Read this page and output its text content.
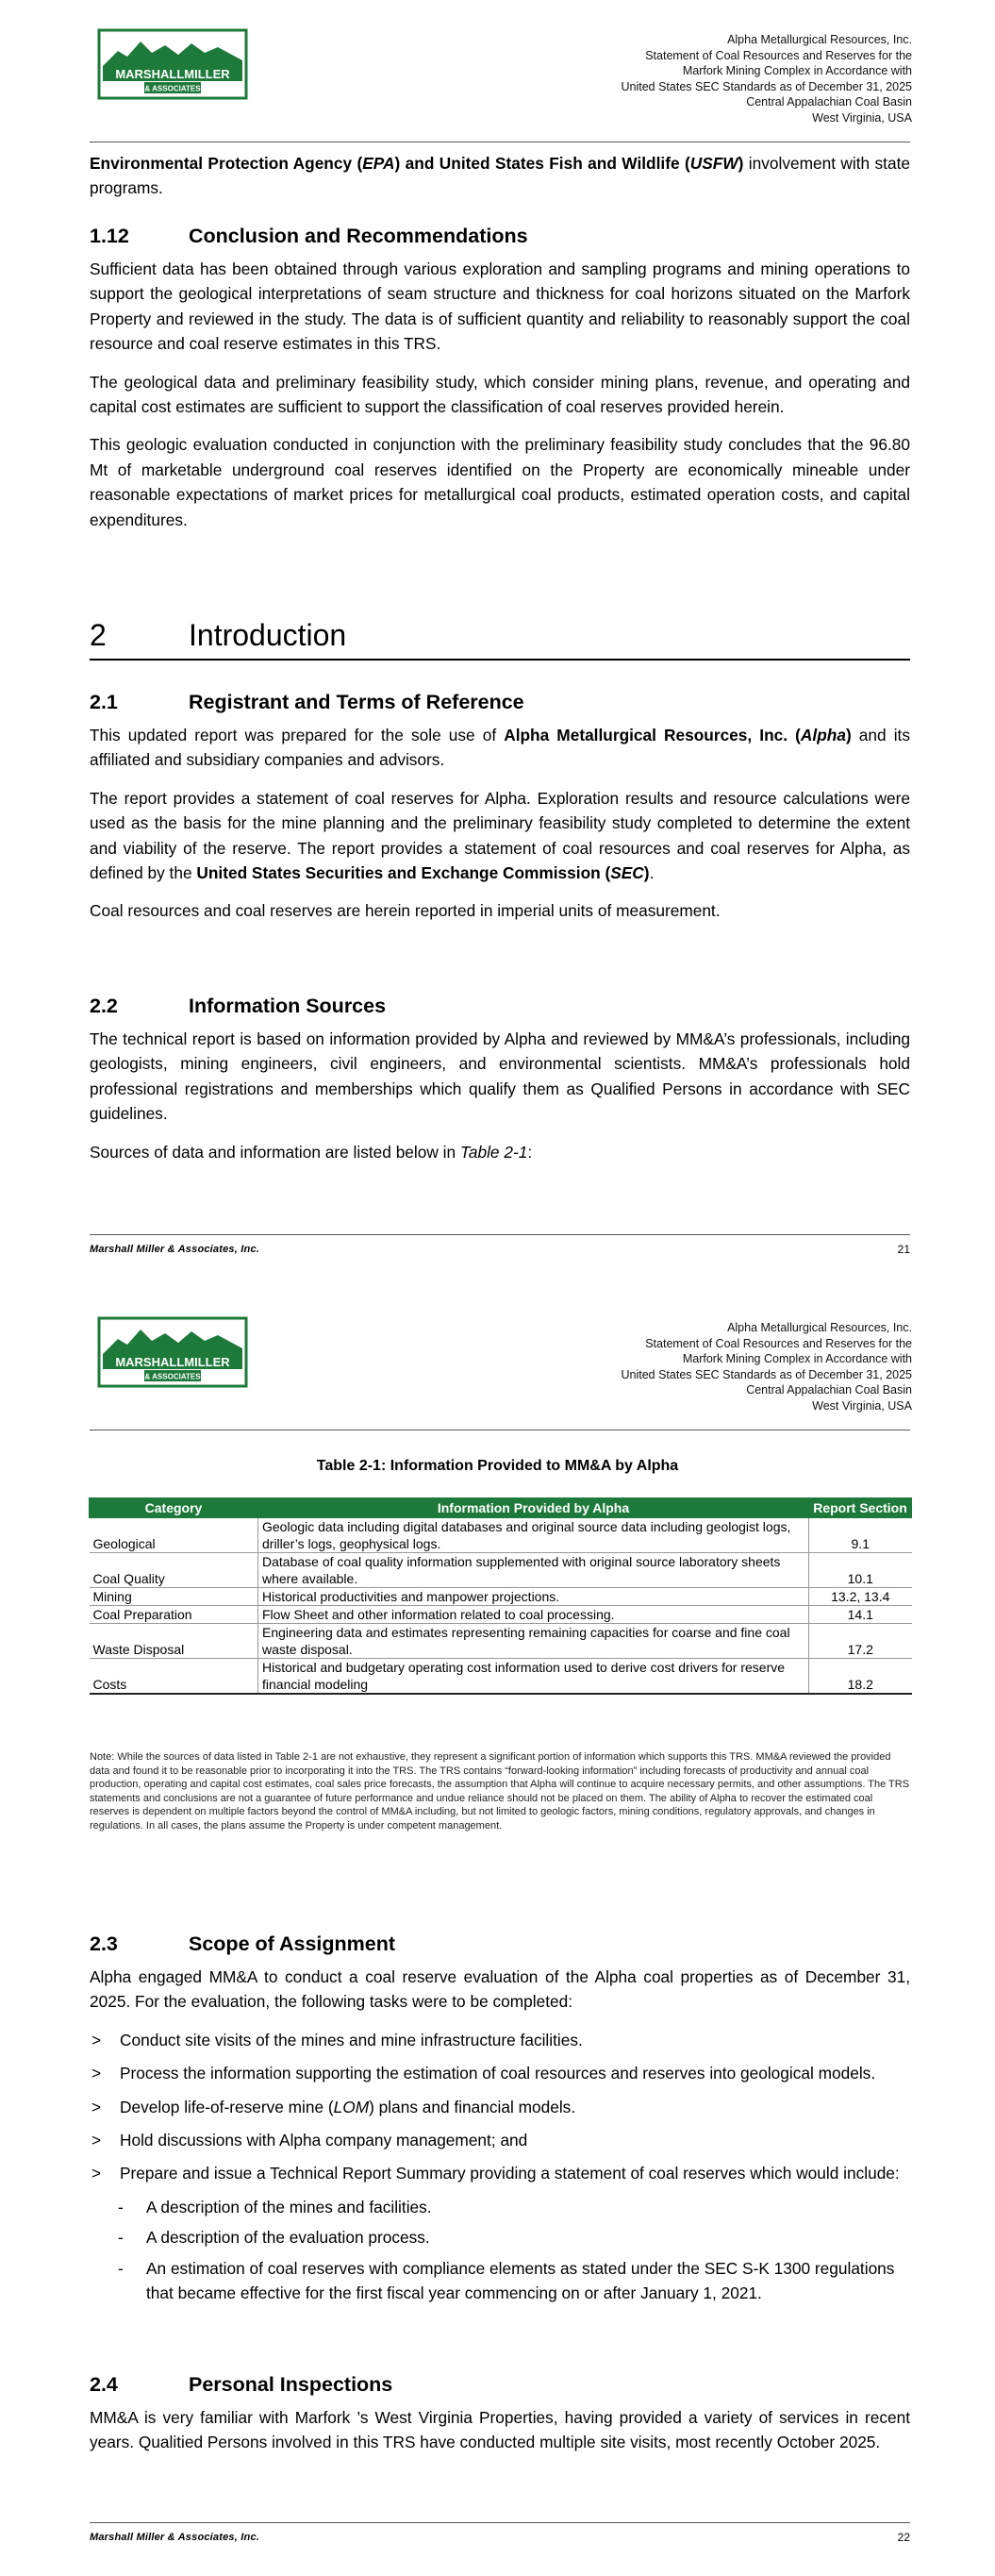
MARSHALLMILLER
& ASSOCIATES
Alpha Metallurgical Resources, Inc.
Statement of Coal Resources and Reserves for the
Marfork Mining Complex in Accordance with
United States SEC Standards as of December 31, 2025
Central Appalachian Coal Basin
West Virginia, USA

Environmental Protection Agency (EPA) and United States Fish and Wildlife (USFW) involvement with state programs.

1.12	Conclusion and Recommendations

Sufficient data has been obtained through various exploration and sampling programs and mining operations to support the geological interpretations of seam structure and thickness for coal horizons situated on the Marfork Property and reviewed in the study. The data is of sufficient quantity and reliability to reasonably support the coal resource and coal reserve estimates in this TRS.

The geological data and preliminary feasibility study, which consider mining plans, revenue, and operating and capital cost estimates are sufficient to support the classification of coal reserves provided herein.

This geologic evaluation conducted in conjunction with the preliminary feasibility study concludes that the 96.80 Mt of marketable underground coal reserves identified on the Property are economically mineable under reasonable expectations of market prices for metallurgical coal products, estimated operation costs, and capital expenditures.

2	Introduction
2.1	Registrant and Terms of Reference

This updated report was prepared for the sole use of Alpha Metallurgical Resources, Inc. (Alpha) and its affiliated and subsidiary companies and advisors.

The report provides a statement of coal reserves for Alpha. Exploration results and resource calculations were used as the basis for the mine planning and the preliminary feasibility study completed to determine the extent and viability of the reserve. The report provides a statement of coal resources and coal reserves for Alpha, as defined by the United States Securities and Exchange Commission (SEC).

Coal resources and coal reserves are herein reported in imperial units of measurement.

2.2	Information Sources

The technical report is based on information provided by Alpha and reviewed by MM&A’s professionals, including geologists, mining engineers, civil engineers, and environmental scientists. MM&A’s professionals hold professional registrations and memberships which qualify them as Qualified Persons in accordance with SEC guidelines.

Sources of data and information are listed below in Table 2-1:

Marshall Miller & Associates, Inc.	21
MARSHALLMILLER
& ASSOCIATES
Alpha Metallurgical Resources, Inc.
Statement of Coal Resources and Reserves for the
Marfork Mining Complex in Accordance with
United States SEC Standards as of December 31, 2025
Central Appalachian Coal Basin
West Virginia, USA
Table 2-1: Information Provided to MM&A by Alpha
Category	Information Provided by Alpha	Report Section
Geological	Geologic data including digital databases and original source data including geologist logs, driller’s logs, geophysical logs.	9.1
Coal Quality	Database of coal quality information supplemented with original source laboratory sheets where available.	10.1
Mining	Historical productivities and manpower projections.	13.2, 13.4
Coal Preparation	Flow Sheet and other information related to coal processing.	14.1
Waste Disposal	Engineering data and estimates representing remaining capacities for coarse and fine coal waste disposal.	17.2
Costs	Historical and budgetary operating cost information used to derive cost drivers for reserve financial modeling	18.2
Note: While the sources of data listed in Table 2-1 are not exhaustive, they represent a significant portion of information which supports this TRS. MM&A reviewed the provided data and found it to be reasonable prior to incorporating it into the TRS. The TRS contains “forward-looking information” including forecasts of productivity and annual coal production, operating and capital cost estimates, coal sales price forecasts, the assumption that Alpha will continue to acquire necessary permits, and other assumptions. The TRS statements and conclusions are not a guarantee of future performance and undue reliance should not be placed on them. The ability of Alpha to recover the estimated coal reserves is dependent on multiple factors beyond the control of MM&A including, but not limited to geologic factors, mining conditions, regulatory approvals, and changes in regulations. In all cases, the plans assume the Property is under competent management.
2.3	Scope of Assignment

Alpha engaged MM&A to conduct a coal reserve evaluation of the Alpha coal properties as of December 31, 2025. For the evaluation, the following tasks were to be completed:

> Conduct site visits of the mines and mine infrastructure facilities.
> Process the information supporting the estimation of coal resources and reserves into geological models.
> Develop life-of-reserve mine (LOM) plans and financial models.
> Hold discussions with Alpha company management; and
> Prepare and issue a Technical Report Summary providing a statement of coal reserves which would include:
- A description of the mines and facilities.
- A description of the evaluation process.
- An estimation of coal reserves with compliance elements as stated under the SEC S-K 1300 regulations that became effective for the first fiscal year commencing on or after January 1, 2021.
2.4	Personal Inspections

MM&A is very familiar with Marfork ’s West Virginia Properties, having provided a variety of services in recent years. Qualitied Persons involved in this TRS have conducted multiple site visits, most recently October 2025.

Marshall Miller & Associates, Inc.	22
